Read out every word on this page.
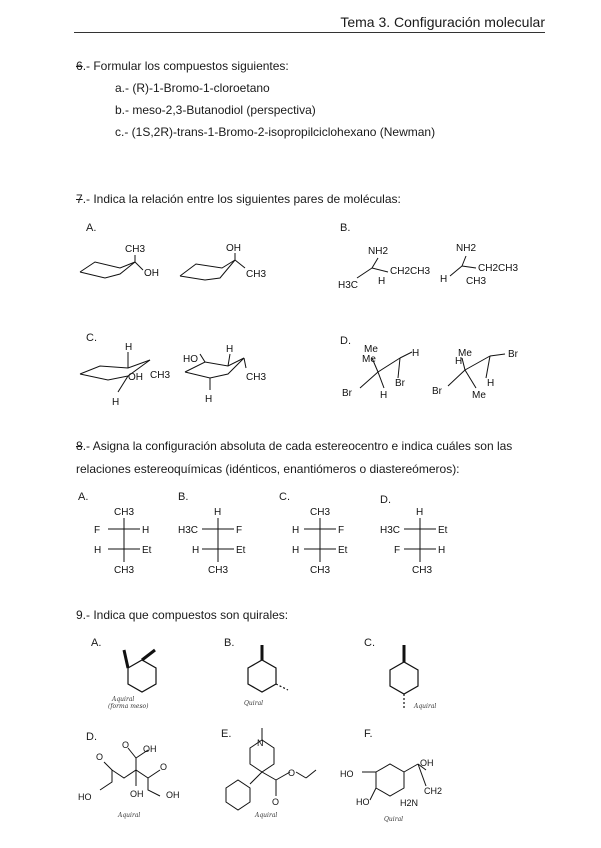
Tema 3. Configuración molecular
6.- Formular los compuestos siguientes:
a.- (R)-1-Bromo-1-cloroetano
b.- meso-2,3-Butanodiol (perspectiva)
c.- (1S,2R)-trans-1-Bromo-2-isopropilciclohexano (Newman)
7.- Indica la relación entre los siguientes pares de moléculas:
A.	B.
C.	D.
CH3
OH
OH
CH3
NH2
H3C
CH2CH3
H
NH2
H
CH2CH3
CH3
H
OH CH3
H
HO
H
CH3
H
Me
Me
H
Br
Br	H
Me
H
Br
H
Br	Me
8.- Asigna la configuración absoluta de cada estereocentro e indica cuáles son las
relaciones estereoquímicas (idénticos, enantiómeros o diastereómeros):
A.	B.	C.	D.
CH3
F	H
H	Et
CH3
H
H3C	F
H	Et
CH3
CH3
H	F
H	Et
CH3
H
H3C	Et
F	H
CH3
9.- Indica que compuestos son quirales:
A.	B.	C.
D.	E.	F.
O
O OH
O
HO	OH	OH
N
O
O
OH
HO
HO
CH2
H2N
Aquiral
(forma meso)	Quiral	Aquiral
Aquiral	Aquiral
Quiral
